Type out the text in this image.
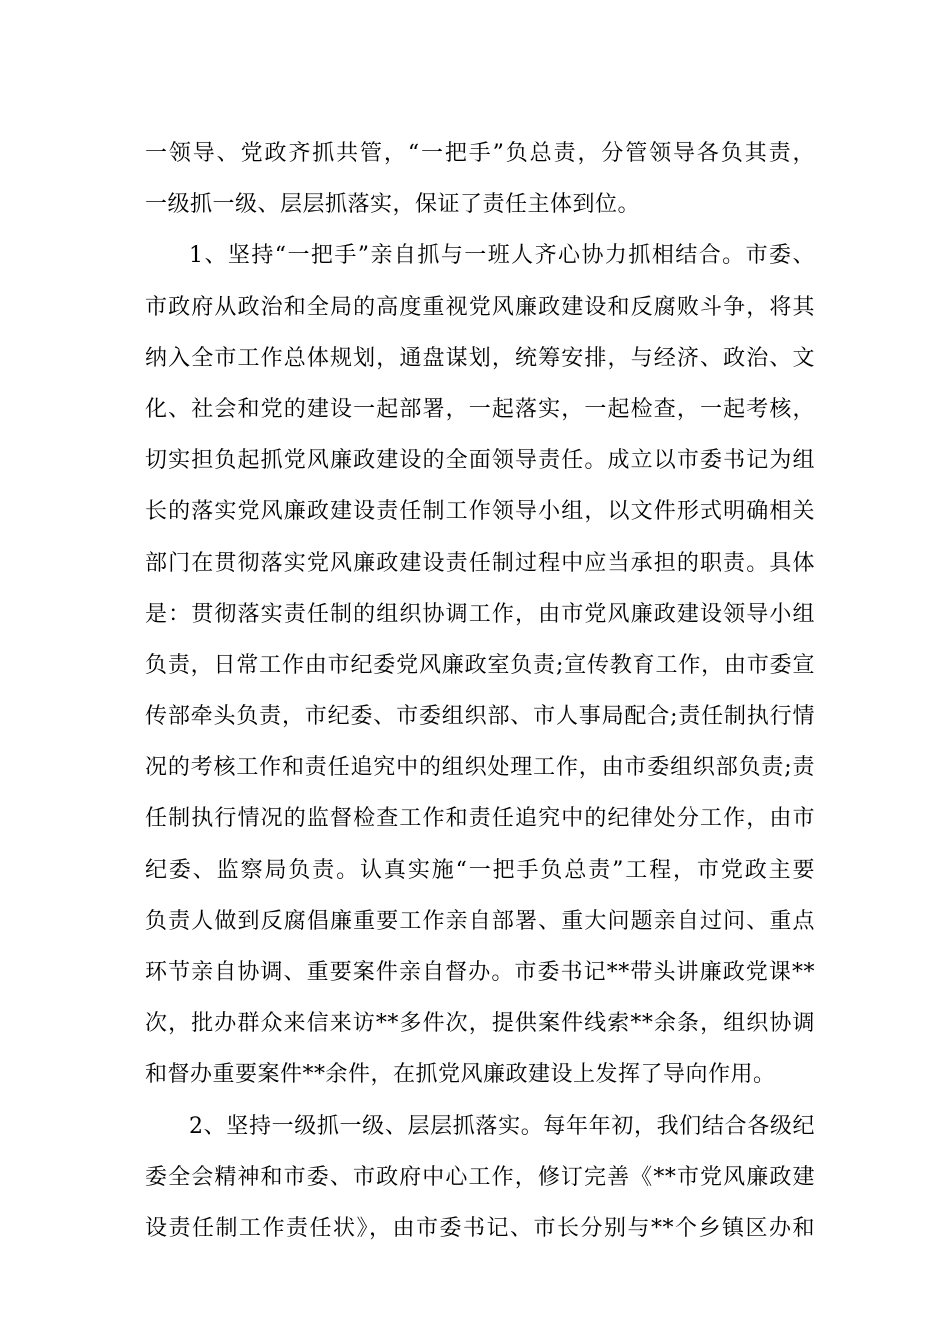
一领导、党政齐抓共管，“一把手”负总责，分管领导各负其责，
一级抓一级、层层抓落实，保证了责任主体到位。
1、坚持“一把手”亲自抓与一班人齐心协力抓相结合。市委、
市政府从政治和全局的高度重视党风廉政建设和反腐败斗争，将其
纳入全市工作总体规划，通盘谋划，统筹安排，与经济、政治、文
化、社会和党的建设一起部署，一起落实，一起检查，一起考核，
切实担负起抓党风廉政建设的全面领导责任。成立以市委书记为组
长的落实党风廉政建设责任制工作领导小组，以文件形式明确相关
部门在贯彻落实党风廉政建设责任制过程中应当承担的职责。具体
是：贯彻落实责任制的组织协调工作，由市党风廉政建设领导小组
负责，日常工作由市纪委党风廉政室负责;宣传教育工作，由市委宣
传部牵头负责，市纪委、市委组织部、市人事局配合;责任制执行情
况的考核工作和责任追究中的组织处理工作，由市委组织部负责;责
任制执行情况的监督检查工作和责任追究中的纪律处分工作，由市
纪委、监察局负责。认真实施“一把手负总责”工程，市党政主要
负责人做到反腐倡廉重要工作亲自部署、重大问题亲自过问、重点
环节亲自协调、重要案件亲自督办。市委书记**带头讲廉政党课**
次，批办群众来信来访**多件次，提供案件线索**余条，组织协调
和督办重要案件**余件，在抓党风廉政建设上发挥了导向作用。
2、坚持一级抓一级、层层抓落实。每年年初，我们结合各级纪
委全会精神和市委、市政府中心工作，修订完善《**市党风廉政建
设责任制工作责任状》，由市委书记、市长分别与**个乡镇区办和
